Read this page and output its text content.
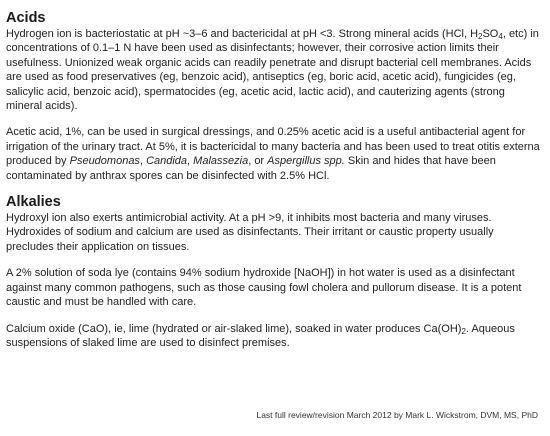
Acids

Hydrogen ion is bacteriostatic at pH ~3–6 and bactericidal at pH <3. Strong mineral acids (HCl, $H_2SO_4$, etc) in concentrations of 0.1–1 N have been used as disinfectants; however, their corrosive action limits their usefulness. Unionized weak organic acids can readily penetrate and disrupt bacterial cell membranes. Acids are used as food preservatives (eg, benzoic acid), antiseptics (eg, boric acid, acetic acid), fungicides (eg, salicylic acid, benzoic acid), spermatocides (eg, acetic acid, lactic acid), and cauterizing agents (strong mineral acids).

Acetic acid, 1%, can be used in surgical dressings, and 0.25% acetic acid is a useful antibacterial agent for irrigation of the urinary tract. At 5%, it is bactericidal to many bacteria and has been used to treat otitis externa produced by Pseudomonas, Candida, Malassezia, or Aspergillus spp. Skin and hides that have been contaminated by anthrax spores can be disinfected with 2.5% HCl.

Alkalies

Hydroxyl ion also exerts antimicrobial activity. At a pH >9, it inhibits most bacteria and many viruses. Hydroxides of sodium and calcium are used as disinfectants. Their irritant or caustic property usually precludes their application on tissues.

A 2% solution of soda lye (contains 94% sodium hydroxide [NaOH]) in hot water is used as a disinfectant against many common pathogens, such as those causing fowl cholera and pullorum disease. It is a potent caustic and must be handled with care.

Calcium oxide (CaO), ie, lime (hydrated or air-slaked lime), soaked in water produces $Ca(OH)_2$. Aqueous suspensions of slaked lime are used to disinfect premises.

Last full review/revision March 2012 by Mark L. Wickstrom, DVM, MS, PhD
